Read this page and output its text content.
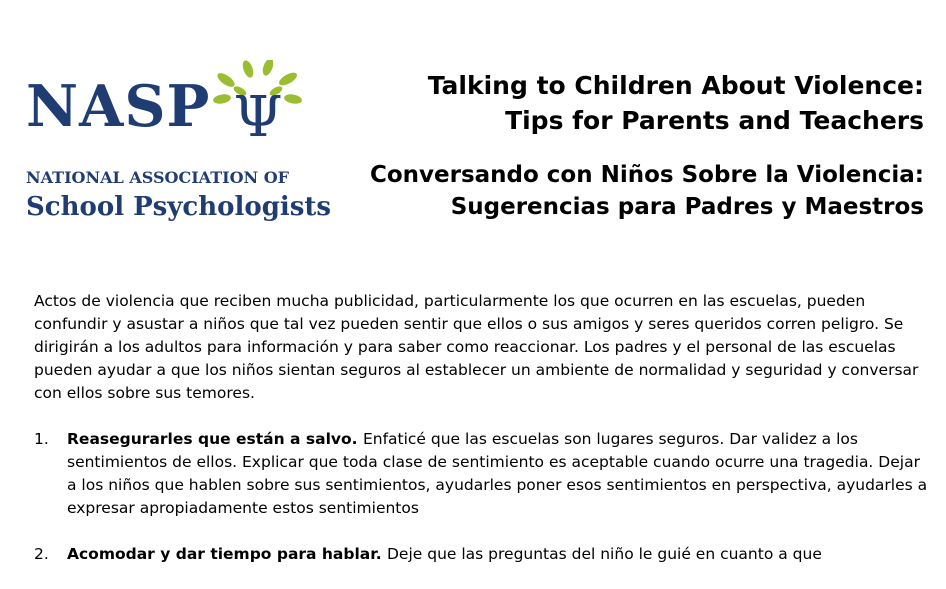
NASP Ψ
NATIONAL ASSOCIATION OF
School Psychologists
Talking to Children About Violence:
Tips for Parents and Teachers
Conversando con Niños Sobre la Violencia:
Sugerencias para Padres y Maestros

Actos de violencia que reciben mucha publicidad, particularmente los que ocurren en las escuelas, pueden confundir y asustar a niños que tal vez pueden sentir que ellos o sus amigos y seres queridos corren peligro. Se dirigirán a los adultos para información y para saber como reaccionar. Los padres y el personal de las escuelas pueden ayudar a que los niños sientan seguros al establecer un ambiente de normalidad y seguridad y conversar con ellos sobre sus temores.

1. Reasegurarles que están a salvo. Enfaticé que las escuelas son lugares seguros. Dar validez a los sentimientos de ellos. Explicar que toda clase de sentimiento es aceptable cuando ocurre una tragedia. Dejar a los niños que hablen sobre sus sentimientos, ayudarles poner esos sentimientos en perspectiva, ayudarles a expresar apropiadamente estos sentimientos
2. Acomodar y dar tiempo para hablar. Deje que las preguntas del niño le guié en cuanto a que
